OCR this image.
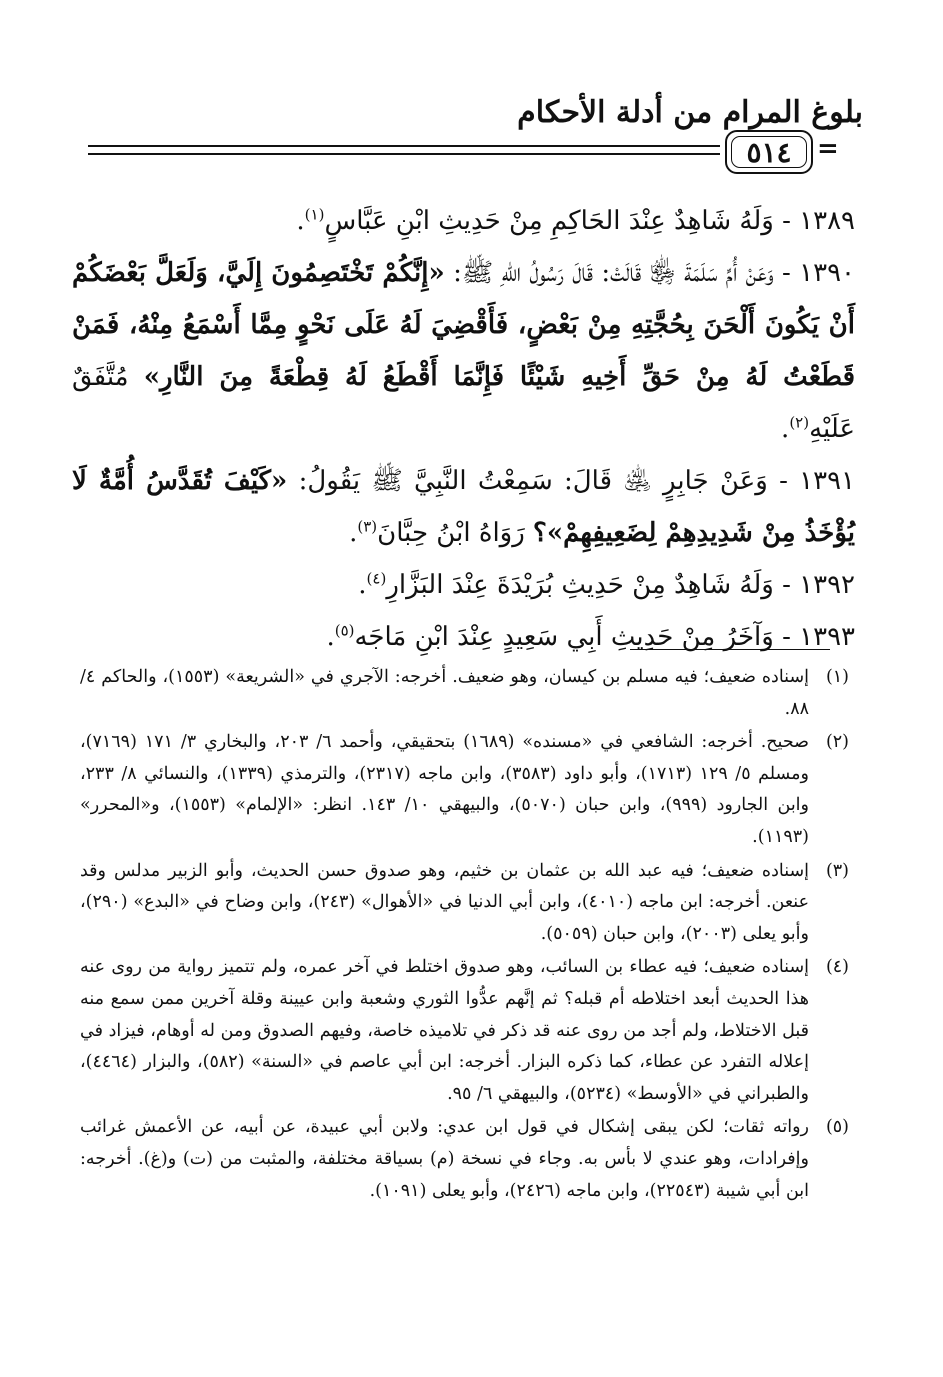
بلوغ المرام من أدلة الأحكام
٥١٤ =

١٣٨٩ - وَلَهُ شَاهِدٌ عِنْدَ الحَاكِمِ مِنْ حَدِيثِ ابْنِ عَبَّاسٍ$^{(١)}$.

١٣٩٠ - وَعَنْ أُمِّ سَلَمَةَ ﵂ قَالَتْ: قَالَ رَسُولُ اللهِ ﷺ: «إِنَّكُمْ تَخْتَصِمُونَ إِلَيَّ، وَلَعَلَّ بَعْضَكُمْ أَنْ يَكُونَ أَلْحَنَ بِحُجَّتِهِ مِنْ بَعْضٍ، فَأَقْضِيَ لَهُ عَلَى نَحْوٍ مِمَّا أَسْمَعُ مِنْهُ، فَمَنْ قَطَعْتُ لَهُ مِنْ حَقِّ أَخِيهِ شَيْئًا فَإِنَّمَا أَقْطَعُ لَهُ قِطْعَةً مِنَ النَّارِ» مُتَّفَقٌ عَلَيْهِ$^{(٢)}$.

١٣٩١ - وَعَنْ جَابِرٍ ﵁ قَالَ: سَمِعْتُ النَّبِيَّ ﷺ يَقُولُ: «كَيْفَ تُقَدَّسُ أُمَّةٌ لَا يُؤْخَذُ مِنْ شَدِيدِهِمْ لِضَعِيفِهِمْ»؟ رَوَاهُ ابْنُ حِبَّانَ$^{(٣)}$.

١٣٩٢ - وَلَهُ شَاهِدٌ مِنْ حَدِيثِ بُرَيْدَةَ عِنْدَ البَزَّارِ$^{(٤)}$.

١٣٩٣ - وَآخَرُ مِنْ حَدِيثِ أَبِي سَعِيدٍ عِنْدَ ابْنِ مَاجَه$^{(٥)}$.

(١)
إسناده ضعيف؛ فيه مسلم بن كيسان، وهو ضعيف. أخرجه: الآجري في «الشريعة» (١٥٥٣)، والحاكم ٤/ ٨٨.

(٢)
صحيح. أخرجه: الشافعي في «مسنده» (١٦٨٩) بتحقيقي، وأحمد ٦/ ٢٠٣، والبخاري ٣/ ١٧١ (٧١٦٩)، ومسلم ٥/ ١٢٩ (١٧١٣)، وأبو داود (٣٥٨٣)، وابن ماجه (٢٣١٧)، والترمذي (١٣٣٩)، والنسائي ٨/ ٢٣٣، وابن الجارود (٩٩٩)، وابن حبان (٥٠٧٠)، والبيهقي ١٠/ ١٤٣. انظر: «الإلمام» (١٥٥٣)، و«المحرر» (١١٩٣).

(٣)
إسناده ضعيف؛ فيه عبد الله بن عثمان بن خثيم، وهو صدوق حسن الحديث، وأبو الزبير مدلس وقد عنعن. أخرجه: ابن ماجه (٤٠١٠)، وابن أبي الدنيا في «الأهوال» (٢٤٣)، وابن وضاح في «البدع» (٢٩٠)، وأبو يعلى (٢٠٠٣)، وابن حبان (٥٠٥٩).

(٤)
إسناده ضعيف؛ فيه عطاء بن السائب، وهو صدوق اختلط في آخر عمره، ولم تتميز رواية من روى عنه هذا الحديث أبعد اختلاطه أم قبله؟ ثم إنَّهم عدُّوا الثوري وشعبة وابن عيينة وقلة آخرين ممن سمع منه قبل الاختلاط، ولم أجد من روى عنه قد ذكر في تلاميذه خاصة، وفيهم الصدوق ومن له أوهام، فيزاد في إعلاله التفرد عن عطاء، كما ذكره البزار. أخرجه: ابن أبي عاصم في «السنة» (٥٨٢)، والبزار (٤٤٦٤)، والطبراني في «الأوسط» (٥٢٣٤)، والبيهقي ٦/ ٩٥.

(٥)
رواته ثقات؛ لكن يبقى إشكال في قول ابن عدي: ولابن أبي عبيدة، عن أبيه، عن الأعمش غرائب وإفرادات، وهو عندي لا بأس به. وجاء في نسخة (م) بسياقة مختلفة، والمثبت من (ت) و(غ). أخرجه: ابن أبي شيبة (٢٢٥٤٣)، وابن ماجه (٢٤٢٦)، وأبو يعلى (١٠٩١).
